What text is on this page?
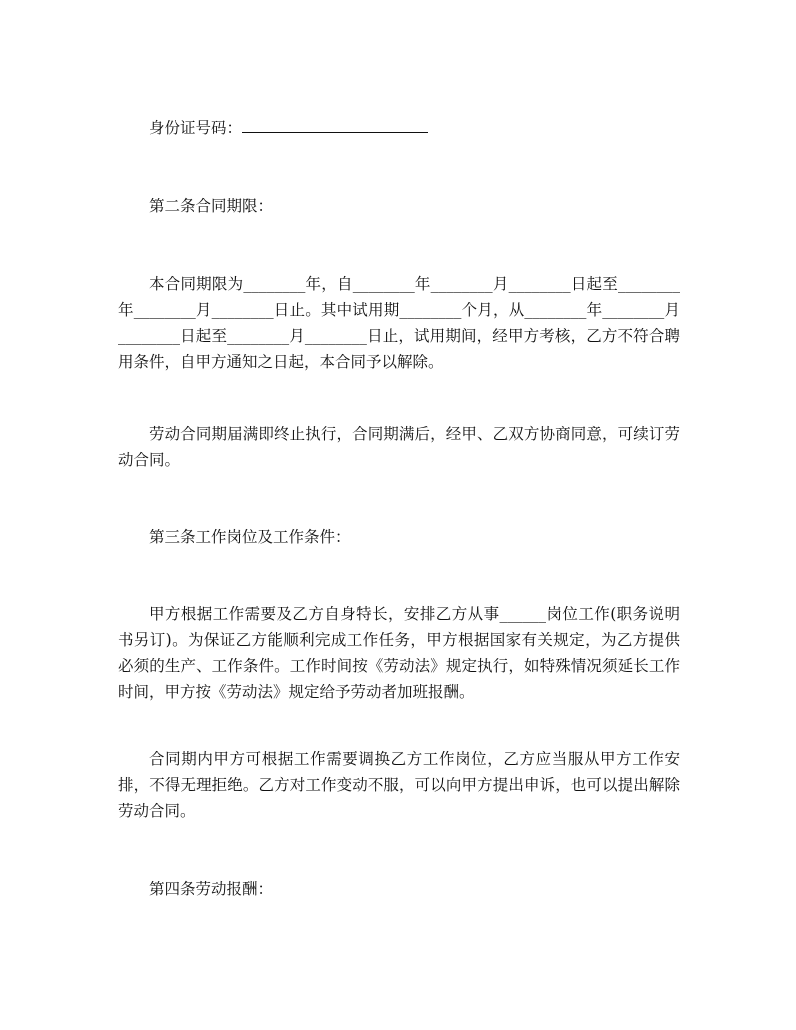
身份证号码：

第二条合同期限：

本合同期限为________年，自________年________月________日起至________年________月________日止。其中试用期________个月，从________年________月________日起至________月________日止，试用期间，经甲方考核，乙方不符合聘用条件，自甲方通知之日起，本合同予以解除。

劳动合同期届满即终止执行，合同期满后，经甲、乙双方协商同意，可续订劳动合同。

第三条工作岗位及工作条件：

甲方根据工作需要及乙方自身特长，安排乙方从事______岗位工作(职务说明书另订)。为保证乙方能顺利完成工作任务，甲方根据国家有关规定，为乙方提供必须的生产、工作条件。工作时间按《劳动法》规定执行，如特殊情况须延长工作时间，甲方按《劳动法》规定给予劳动者加班报酬。

合同期内甲方可根据工作需要调换乙方工作岗位，乙方应当服从甲方工作安排，不得无理拒绝。乙方对工作变动不服，可以向甲方提出申诉，也可以提出解除劳动合同。

第四条劳动报酬：
